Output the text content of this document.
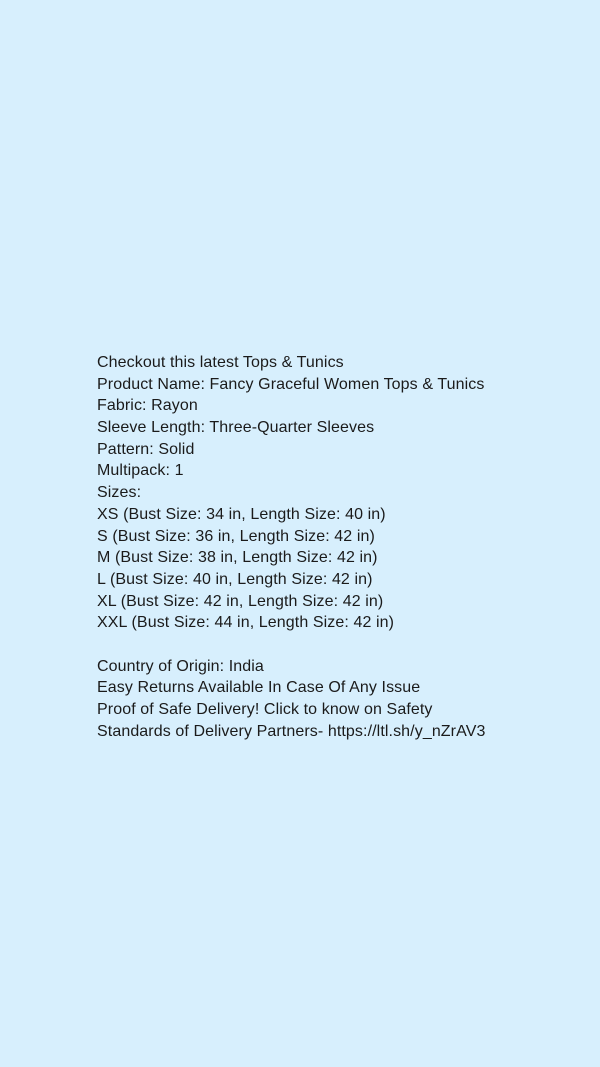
Checkout this latest Tops & Tunics
Product Name: Fancy Graceful Women Tops & Tunics
Fabric: Rayon
Sleeve Length: Three-Quarter Sleeves
Pattern: Solid
Multipack: 1
Sizes:
XS (Bust Size: 34 in, Length Size: 40 in)
S (Bust Size: 36 in, Length Size: 42 in)
M (Bust Size: 38 in, Length Size: 42 in)
L (Bust Size: 40 in, Length Size: 42 in)
XL (Bust Size: 42 in, Length Size: 42 in)
XXL (Bust Size: 44 in, Length Size: 42 in)
Country of Origin: India
Easy Returns Available In Case Of Any Issue
Proof of Safe Delivery! Click to know on Safety
Standards of Delivery Partners- https://ltl.sh/y_nZrAV3
